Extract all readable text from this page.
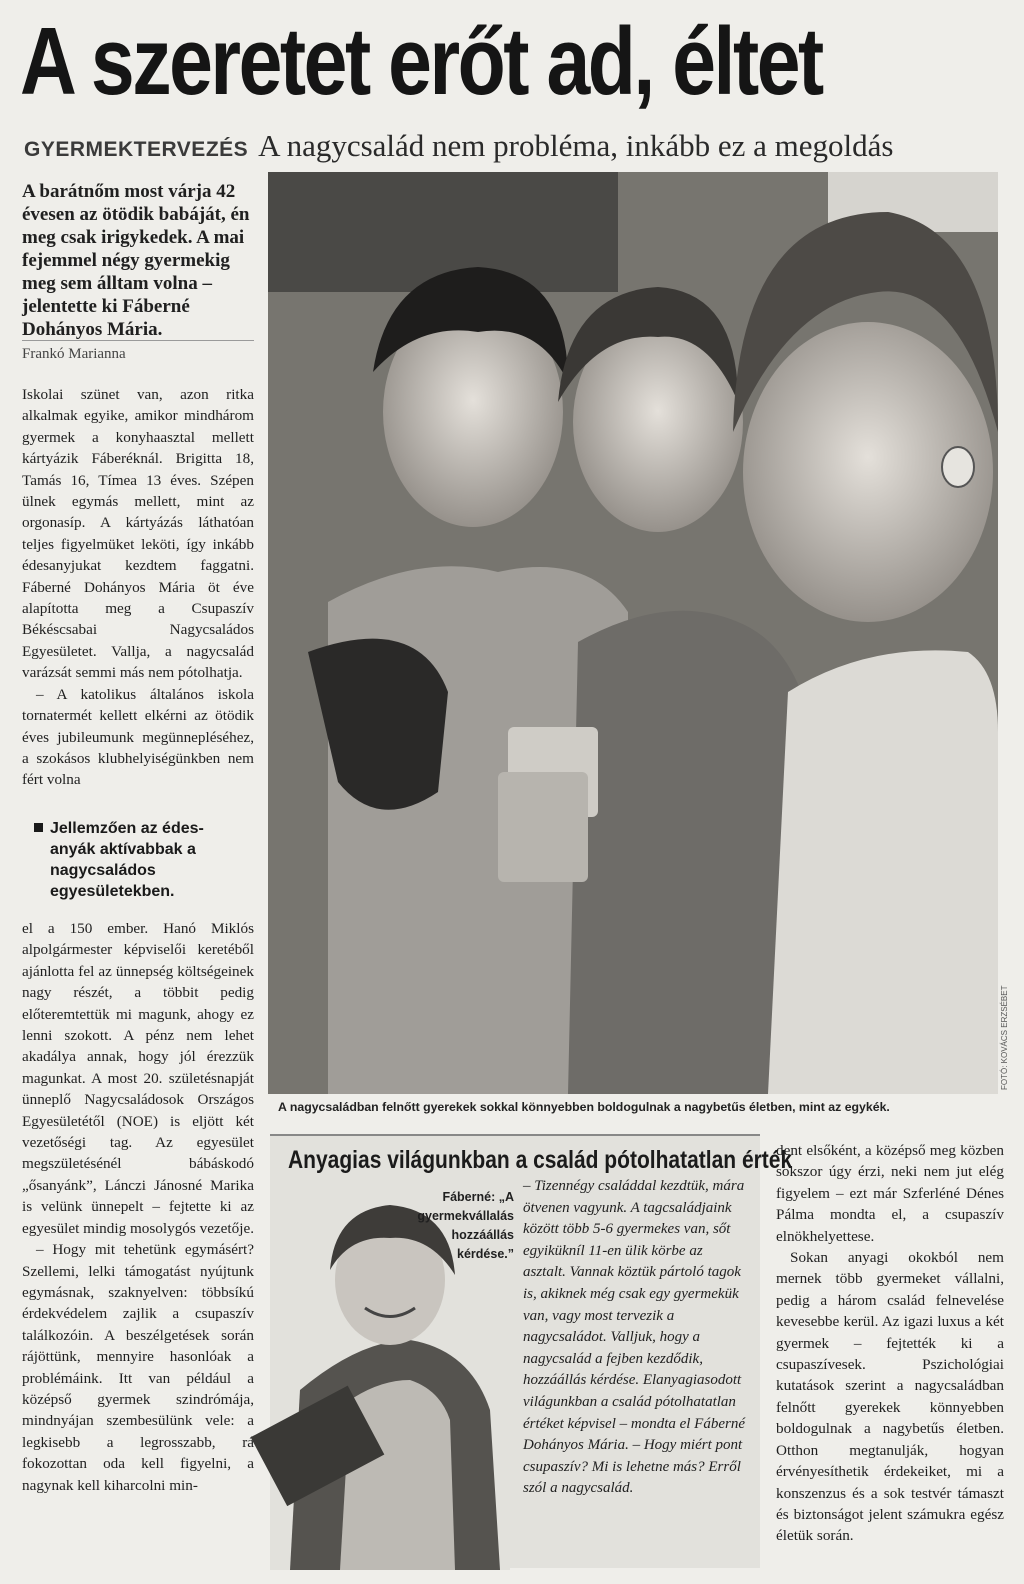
A szeretet erőt ad, éltet
GYERMEKTERVEZÉS A nagycsalád nem probléma, inkább ez a megoldás
A barátnőm most várja 42 évesen az ötödik babáját, én meg csak irigykedek. A mai fejemmel négy gyermekig meg sem álltam volna – jelentette ki Fáberné Dohányos Mária.
Frankó Marianna

Iskolai szünet van, azon ritka alkalmak egyike, amikor mindhárom gyermek a konyhaasztal mellett kártyázik Fáberéknál. Brigitta 18, Tamás 16, Tímea 13 éves. Szépen ülnek egymás mellett, mint az orgonasíp. A kártyázás láthatóan teljes figyelmüket leköti, így inkább édesanyjukat kezdtem faggatni. Fáberné Dohányos Mária öt éve alapította meg a Csupaszív Békéscsabai Nagycsaládos Egyesületet. Vallja, a nagycsalád varázsát semmi más nem pótolhatja.

– A katolikus általános iskola tornatermét kellett elkérni az ötödik éves jubileumunk megünnepléséhez, a szokásos klubhelyiségünkben nem fért volna

Jellemzően az édes-
anyák aktívabbak a nagycsaládos egyesületekben.

el a 150 ember. Hanó Miklós alpolgármester képviselői keretéből ajánlotta fel az ünnepség költségeinek nagy részét, a többit pedig előteremtettük mi magunk, ahogy ez lenni szokott. A pénz nem lehet akadálya annak, hogy jól érezzük magunkat. A most 20. születésnapját ünneplő Nagycsaládosok Országos Egyesületétől (NOE) is eljött két vezetőségi tag. Az egyesület megszületésénél bábáskodó „ősanyánk”, Lánczi Jánosné Marika is velünk ünnepelt – fejtette ki az egyesület mindig mosolygós vezetője.

– Hogy mit tehetünk egymásért? Szellemi, lelki támogatást nyújtunk egymásnak, szaknyelven: többsíkú érdekvédelem zajlik a csupaszív találkozóin. A beszélgetések során rájöttünk, mennyire hasonlóak a problémáink. Itt van például a középső gyermek szindrómája, mindnyájan szembesülünk vele: a legkisebb a legrosszabb, rá fokozottan oda kell figyelni, a nagynak kell kiharcolni min-

FOTÓ: KOVÁCS ERZSÉBET
A nagycsaládban felnőtt gyerekek sokkal könnyebben boldogulnak a nagybetűs életben, mint az egykék.
Anyagias világunkban a család pótolhatatlan érték
Fáberné: „A gyermekvállalás hozzáállás kérdése.”
– Tizennégy családdal kezdtük, mára ötvenen vagyunk. A tagcsaládjaink között több 5-6 gyermekes van, sőt egyikükníl 11-en ülik körbe az asztalt. Vannak köztük pártoló tagok is, akiknek még csak egy gyermekük van, vagy most tervezik a nagycsaládot. Valljuk, hogy a nagycsalád a fejben kezdődik, hozzáállás kérdése. Elanyagiasodott világunkban a család pótolhatatlan értéket képvisel – mondta el Fáberné Dohányos Mária. – Hogy miért pont csupaszív? Mi is lehetne más? Erről szól a nagycsalád.

dent elsőként, a középső meg közben sokszor úgy érzi, neki nem jut elég figyelem – ezt már Szferléné Dénes Pálma mondta el, a csupaszív elnökhelyettese.

Sokan anyagi okokból nem mernek több gyermeket vállalni, pedig a három család felnevelése kevesebbe kerül. Az igazi luxus a két gyermek – fejtették ki a csupaszívesek. Pszichológiai kutatások szerint a nagycsaládban felnőtt gyerekek könnyebben boldogulnak a nagybetűs életben. Otthon megtanulják, hogyan érvényesíthetik érdekeiket, mi a konszenzus és a sok testvér támaszt és biztonságot jelent számukra egész életük során.
